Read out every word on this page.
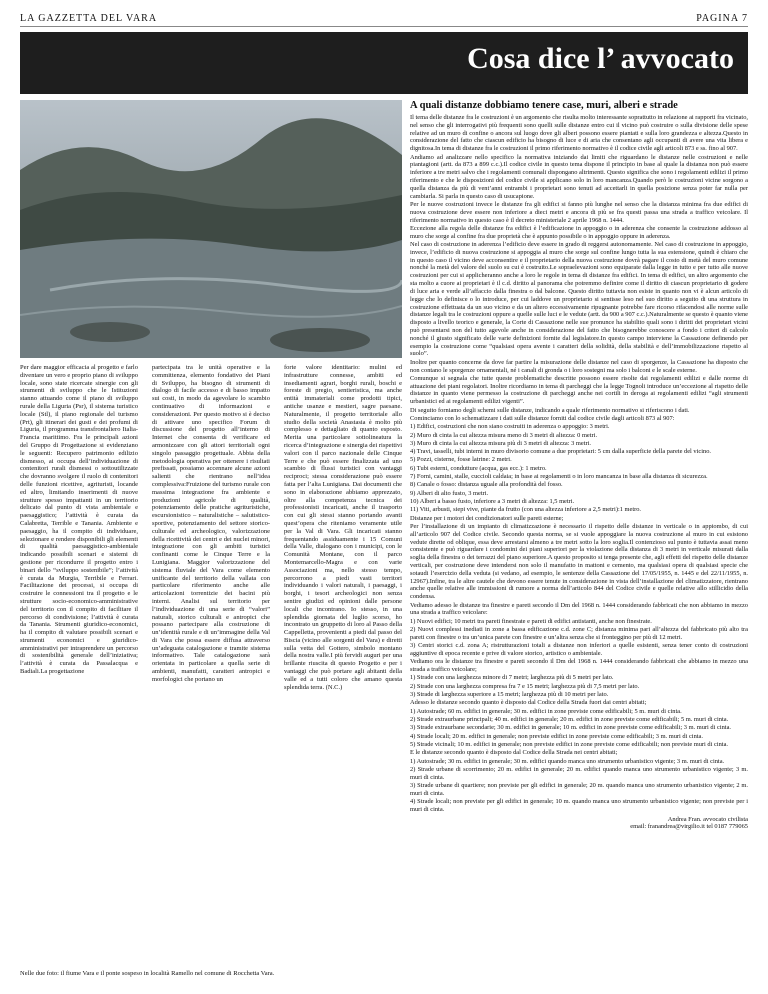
LA GAZZETTA DEL VARA	PAGINA 7
Cosa dice l’ avvocato
Per dare maggior efficacia al progetto e farlo diventare un vero e proprio piano di sviluppo locale, sono state ricercate sinergie con gli strumenti di sviluppo che le Istituzioni stanno attuando come il piano di sviluppo rurale della Liguria (Psr), il sistema turistico locale (Stl), il piano regionale del turismo (Prt), gli itinerari dei gusti e dei profumi di Liguria, il programma transfrontaliero Italia-Francia marittimo. Fra le principali azioni del Gruppo di Progettazione si evidenziano le seguenti: Recupero patrimonio edilizio dismesso, ai occupa dell’individuazione di contenitori rurali dismessi o sottoutilizzate che dovranno svolgere il ruolo di contenitori delle funzioni ricettive, agrituristi, locande ed altro, limitando inserimenti di nuove strutture spesso impattanti in un territorio delicato dal punto di vista ambientale e paesaggistico; l’attività è curata da Calabretta, Terrible e Tanania. Ambiente e paesaggio, ha il compito di individuare, selezionare e rendere disponibili gli elementi di qualità paesaggistico-ambientale indicando possibili scenari e sistemi di gestione per ricondurre il progetto entro i binari dello “sviluppo sostenibile”; l’attività è curata da Murgia, Terribile e Ferrari. Facilitazione dei processi, si occupa di costruire le connessioni tra il progetto e le strutture socio-economico-amministrative del territorio con il compito di facilitare il percorso di condivisione; l’attività è curata da Tanania. Strumenti giuridico-economici, ha il compito di valutare possibili scenari e strumenti economici e giuridico-amministrativi per intraprendere un percorso di sostenibilità generale dell’iniziativa; l’attività è curata da Passalacqua e Badiali.La progettazione
partecipata tra le unità operative e la committenza, elemento fondativo dei Piani di Sviluppo, ha bisogno di strumenti di dialogo di facile accesso e di basso impatto sui costi, in modo da agevolare lo scambio continuativo di informazioni e considerazioni. Per questo motivo si è deciso di attivare uno specifico Forum di discussione del progetto all’interno di Internet che consenta di verificare ed armonizzare con gli attori territoriali ogni singolo passaggio progettuale. Abbia della metodologia operativa per ottenere i risultati prefissati, possiamo accennare alcune azioni salienti che rientrano nell’idea complessiva:Fruizione del turismo rurale con massima integrazione fra ambiente e produzioni agricole di qualità, potenziamento delle pratiche agrituristiche, escursionistico – naturalistiche – salutistico-sportive, potenziamento del settore storico-culturale ed archeologico, valorizzazione della ricettività dei centri e dei nuclei minori, integrazione con gli ambiti turistici confinanti come le Cinque Terre e la Lunigiana. Maggior valorizzazione del sistema fluviale del Vara come elemento unificante del territorio della vallata con particolare riferimento anche alle articolazioni torrentizie dei bacini più interni. Analisi sul territorio per l’individuazione di una serie di “valori” naturali, storico culturali e antropici che possano partecipare alla costruzione di un’identità rurale e di un’immagine della Val di Vara che possa essere diffusa attraverso un’adeguata catalogazione e tramite sistema informativo. Tale catalogazione sarà orientata in particolare a quella serie di ambienti, manufatti, caratteri antropici e morfologici che portano un
forte valore identitario: mulini ed infrastrutture connesse, ambiti ed insediamenti agrari, borghi rurali, boschi e foreste di pregio, sentieristica, ma anche entità immateriali come prodotti tipici, antiche usanze e mestieri, sagre paesane. Naturalmente, il progetto territoriale allo studio della società Anastasia è molto più complesso e dettagliato di quanto esposto. Merita una particolare sottolineatura la ricerca d’integrazione e sinergia dei rispettivi valori con il parco nazionale delle Cinque Terre e che può essere finalizzata ad uno scambio di flussi turistici con vantaggi reciproci; stessa considerazione può essere fatta per l’alta Lunigiana. Dai documenti che sono in elaborazione abbiamo apprezzato, oltre alla competenza tecnica dei professionisti incaricati, anche il trasporto con cui gli stessi stanno portando avanti quest’opera che riteniamo veramente utile per la Val di Vara. Gli incaricati stanno frequentando assiduamente i 15 Comuni della Valle, dialogano con i municipi, con le Comunità Montane, con il parco Montemarcello-Magra e con varie Associazioni ma, nello stesso tempo, percorrono a piedi vasti territori individuando i valori naturali, i paesaggi, i borghi, i tesori archeologici non senza sentire giudizi ed opinioni dalle persone locali che incontrano. Io stesso, in una splendida giornata del luglio scorso, ho incontrato un gruppetto di loro al Passo della Cappelletta, provenienti a piedi dal passo del Biscia (vicino alle sorgenti del Vara) e diretti sulla vetta del Gottero, simbolo montano della nostra valle.I più fervidi auguri per una brillante riuscita di questo Progetto e per i vantaggi che può portare agli abitanti della valle ed a tutti coloro che amano questa splendida terra. (N.C.)
Nelle due foto: il fiume Vara e il ponte sospeso in località Ramello nel comune di Rocchetta Vara.
A quali distanze dobbiamo tenere case, muri, alberi e strade

Il tema delle distanze fra le costruzioni è un argomento che risulta molto interessante soprattutto in relazione ai rapporti fra vicinato, nel senso che gli interrogativi più frequenti sono quelli sulle distanze entro cui il vicino può costruire o sulla divisione delle spese relative ad un muro di confine o ancora sul luogo dove gli alberi possono essere piantati e sulla loro grandezza e altezza.Questo in considerazione del fatto che ciascun edificio ha bisogno di luce e di aria che consentano agli occupanti di avere una vita libera e dignitosa.In tema di distanze fra le costruzioni il primo riferimento normativo è il codice civile agli articoli 873 e ss. fino al 907.

Andiamo ad analizzare nello specifico la normativa iniziando dai limiti che riguardano le distanze nelle costruzioni e nelle piantagioni (artt. da 873 a 899 c.c.).Il codice civile in questo tema dispone il principio in base al quale la distanza non può essere inferiore a tre metri salvo che i regolamenti comunali dispongano altrimenti. Questo significa che sono i regolamenti edilizi il primo riferimento e che le disposizioni del codice civile si applicano solo in loro mancanza.Quando però le costruzioni vicine sorgono a quella distanza da più di vent’anni entrambi i proprietari sono tenuti ad accettarli in quella posizione senza poter far nulla per cambiarla. Si parla in questo caso di usucapione.

Per le nuove costruzioni invece le distanze fra gli edifici si fanno più lunghe nel senso che la distanza minima fra due edifici di nuova costruzione deve essere non inferiore a dieci metri e ancora di più se fra questi passa una strada a traffico veicolare. Il riferimento normativo in questo caso è il decreto ministeriale 2 aprile 1968 n. 1444.

Eccezione alla regola delle distanze fra edifici è l’edificazione in appoggio o in aderenza che consente la costruzione addosso al muro che sorge al confine fra due proprietà che è appunto possibile o in appoggio oppure in aderenza.

Nel caso di costruzione in aderenza l’edificio deve essere in grado di reggersi autonomamente. Nel caso di costruzione in appoggio, invece, l’edificio di nuova costruzione si appoggia al muro che sorge sul confine lungo tutta la sua estensione, quindi è chiaro che in questo caso il vicino deve acconsentire e il proprietario della nuova costruzione dovrà pagare il costo di metà del muro comune nonché la metà del valore del suolo su cui è costruito.Le sopraelevazioni sono equiparate dalla legge in tutto e per tutto alle nuove costruzioni per cui si applicheranno anche a loro le regole in tema di distanze fra edifici. In tema di edifici, un altro argomento che sta molto a cuore ai proprietari è il c.d. diritto al panorama che potremmo definire come il diritto di ciascun proprietario di godere di luce aria e verde all’affaccio dalla finestra o dal balcone. Questo diritto tuttavia non esiste in quanto non vi è alcun articolo di legge che lo definisce o lo introduce, per cui laddove un proprietario si sentisse leso nel suo diritto a seguito di una struttura in costruzione effettuata da un suo vicino e da un altero eccessivamente ripugnante potrebbe fare ricorso rifacendosi alle norme sulle distanze legali tra le costruzioni oppure a quelle sulle luci e le vedute (artt. da 900 a 907 c.c.).Naturalmente se questo è quanto viene disposto a livello teorico e generale, la Corte di Cassazione nelle sue pronunce ha stabilito quali sono i diritti dei proprietari vicini può presentarsi non del tutto agevole anche in considerazione del fatto che bisognerebbe conoscere a fondo i criteri di calcolo nonché il giusto significato delle varie definizioni fornite dal legislatore.In questo campo interviene la Cassazione definendo per esempio la costruzione come “qualsiasi opera avente i caratteri della solidità, della stabilità e dell’immobilizzazione rispetto al suolo”.

Inoltre per quanto concerne da dove far partire la misurazione delle distanze nel caso di sporgenze, la Cassazione ha disposto che non contano le sporgenze ornamentali, né i canali di gronda o i loro sostegni ma solo i balconi e le scale esterne.

Comunque si segnala che tutte queste problematiche descritte possono essere risolte dai regolamenti edilizi e dalle norme di attuazione dei piani regolatori. Inoltre ricordiamo in tema di parcheggi che la legge Tognoli introduce un’eccezione al rispetto delle distanze in quanto viene permesso la costruzione di parcheggi anche nei cortili in deroga ai regolamenti edilizi “agli strumenti urbanistici ed ai regolamenti edilizi vigenti”.

Di seguito forniamo degli schemi sulle distanze, indicando a quale riferimento normativo si riferiscono i dati.

Cominciamo con lo schematizzare i dati sulle distanze forniti dal codice civile dagli articoli 873 al 907:

1) Edifici, costruzioni che non siano costruiti in aderenza o appoggio: 3 metri.

2) Muro di cinta la cui altezza misura meno di 3 metri di altezza: 0 metri.

3) Muro di cinta la cui altezza misura più di 3 metri di altezza: 3 metri.

4) Travi, tasselli, tubi interni in muro divisorio comune a due proprietari: 5 cm dalla superficie della parete del vicino.

5) Pozzi, cisterne, fosse latrine: 2 metri.

6) Tubi esterni, condutture (acqua, gas ecc.): 1 metro.

7) Forni, camini, stalle, cuccioli caldaia; in base ai regolamenti o in loro mancanza in base alla distanza di sicurezza.

8) Canale o fosso: distanza uguale alla profondità del fosso.

9) Alberi di alto fusto, 3 metri.

10) Alberi a basso fusto, inferiore a 3 metri di altezza: 1,5 metri.

11) Viti, arbusti, siepi vive, piante da frutto (con una altezza inferiore a 2,5 metri):1 metro.

Distanze per i motori dei condizionatori sulle pareti esterne;

Per l’installazione di un impianto di climatizzazione è necessario il rispetto delle distanze in verticale o in appiombo, di cui all’articolo 907 del Codice civile. Secondo questa norma, se si vuole appoggiare la nuova costruzione al muro in cui esistono vedute dirette od oblique, essa deve arrestarsi almeno a tre metri sotto la loro soglia.Il contenzioso sul punto è tuttavia assai meno consistente e può riguardare i condomini dei piani superiori per la violazione della distanza di 3 metri in verticale misurati dalla soglia della finestra o dei terrazzi del piano superiore.A questo proposito si tenga presente che, agli effetti del rispetto delle distanze verticali, per costruzione deve intendersi non solo il manufatto in mattoni e cemento, ma qualsiasi opera di qualsiasi specie che sotaudi l’esercizio della veduta (si vedano, ad esempio, le sentenze della Cassazione del 17/05/1955, n. 1445 e del 22/11/1955, n. 12967).Infine, tra le altre cautele che devono essere tenute in considerazione in vista dell’installazione del climatizzatore, rientrano anche quelle relative alle immissioni di rumore a norma dell’articolo 844 del Codice civile e quelle relative allo stillicidio della condensa.

Vediamo adesso le distanze tra finestre e pareti secondo il Dm del 1968 n. 1444 considerando fabbricati che non abbiamo in mezzo una strada a traffico veicolare:

1) Nuovi edifici; 10 metri tra pareti finestrate e pareti di edifici antistanti, anche non finestrate.

2) Nuovi complessi inediati in zone a bassa edificazione c.d. zone C; distanza minima pari all’altezza del fabbricato più alto tra pareti con finestre o tra un’unica parete con finestre e un’altra senza che si fronteggino per più di 12 metri.

3) Centri storici c.d. zona A; ristrutturazioni totali a distanze non inferiori a quelle esistenti, senza tener conto di costruzioni aggiuntive di epoca recente e prive di valore storico, artistico o ambientale.

Vediamo ora le distanze tra finestre e pareti secondo il Dm del 1968 n. 1444 considerando fabbricati che abbiamo in mezzo una strada a traffico veicolare;

1) Strade con una larghezza minore di 7 metri; larghezza più di 5 metri per lato.

2) Strade con una larghezza compresa fra 7 e 15 metri; larghezza più di 7,5 metri per lato.

3) Strade di larghezza superiore a 15 metri; larghezza più di 10 metri per lato.

Adesso le distanze secondo quanto è disposto dal Codice della Strada fuori dai centri abitati;

1) Autostrade; 60 m. edifici in generale; 30 m. edifici in zone previste come edificabili; 5 m. muri di cinta.

2) Strade extraurbane principali; 40 m. edifici in generale; 20 m. edifici in zone previste come edificabili; 5 m. muri di cinta.

3) Strade extraurbane secondarie; 30 m. edifici in generale; 10 m. edifici in zone previste come edificabili; 3 m. muri di cinta.

4) Strade locali; 20 m. edifici in generale; non previste edifici in zone previste come edificabili; 3 m. muri di cinta.

5) Strade vicinali; 10 m. edifici in generale; non previste edifici in zone previste come edificabili; non previste muri di cinta.

E le distanze secondo quanto è disposto dal Codice della Strada nei centri abitati;

1) Autostrade; 30 m. edifici in generale; 30 m. edifici quando manca uno strumento urbanistico vigente; 3 m. muri di cinta.

2) Strade urbane di scorrimento; 20 m. edifici in generale; 20 m. edifici quando manca uno strumento urbanistico vigente; 3 m. muri di cinta.

3) Strade urbane di quartiere; non previste per gli edifici in generale; 20 m. quando manca uno strumento urbanistico vigente; 2 m. muri di cinta.

4) Strade locali; non previste per gli edifici in generale; 10 m. quando manca uno strumento urbanistico vigente; non previste per i muri di cinta.

Andrea Fran. avvocato civilista
email: franandrea@virgilio.it tel 0187 779065
